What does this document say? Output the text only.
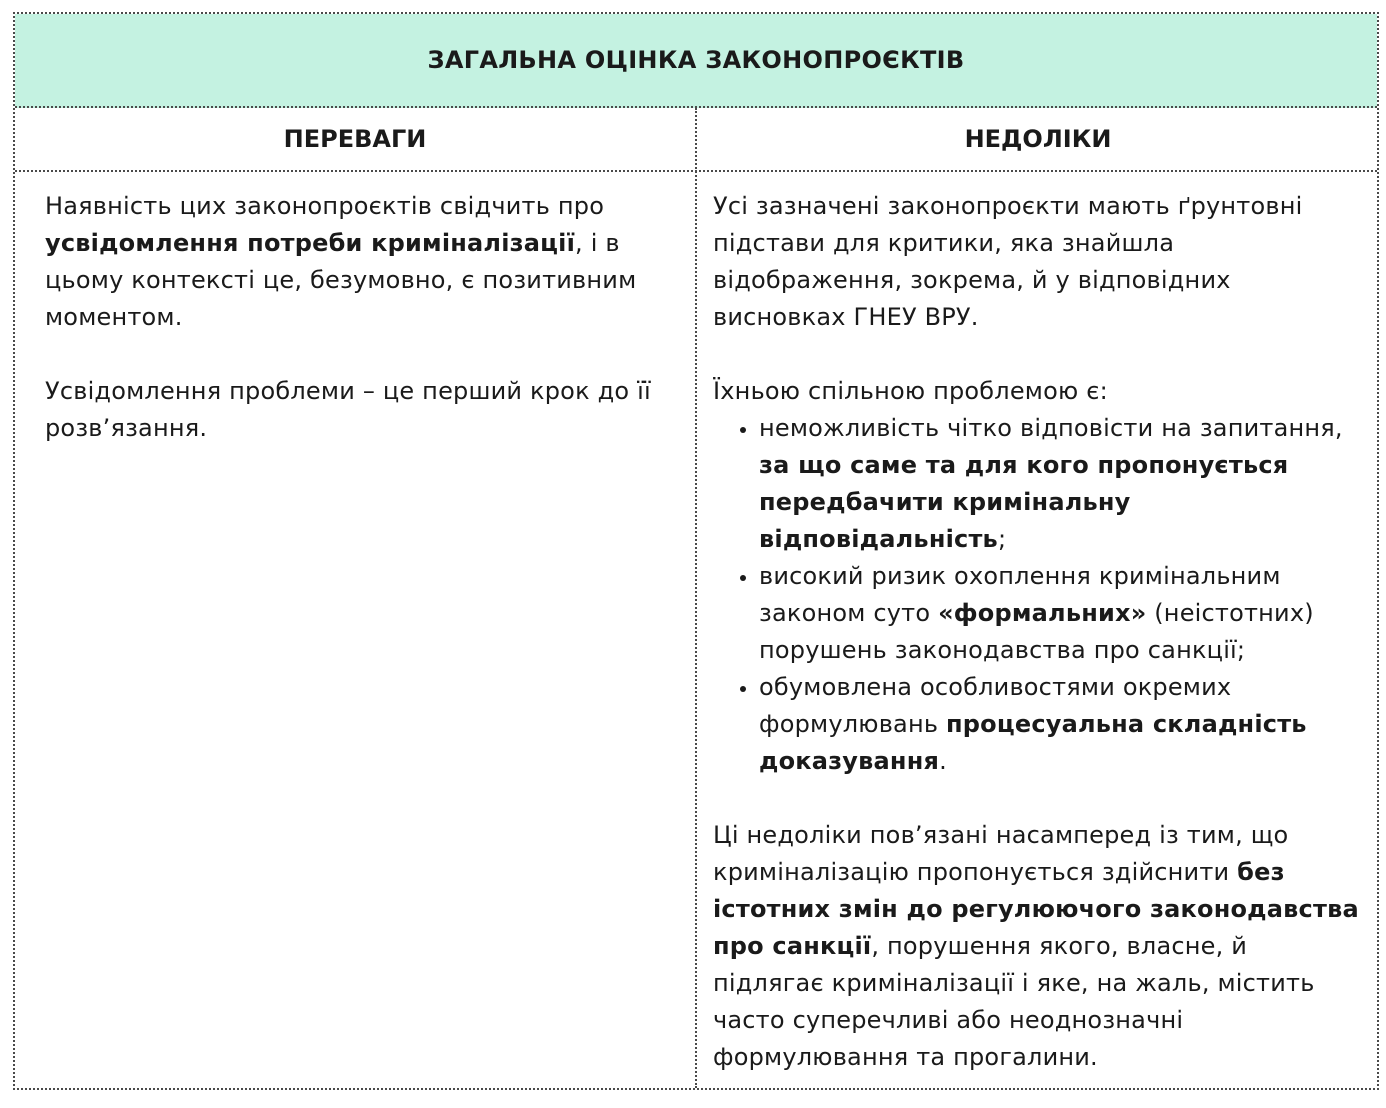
ЗАГАЛЬНА ОЦІНКА ЗАКОНОПРОЄКТІВ
ПЕРЕВАГИ	НЕДОЛІКИ

Наявність цих законопроєктів свідчить про усвідомлення потреби криміналізації, і в цьому контексті це, безумовно, є позитивним моментом.

Усвідомлення проблеми – це перший крок до її розв’язання.

Усі зазначені законопроєкти мають ґрунтовні підстави для критики, яка знайшла відображення, зокрема, й у відповідних висновках ГНЕУ ВРУ.

Їхньою спільною проблемою є:

• неможливість чітко відповісти на запитання, за що саме та для кого пропонується передбачити кримінальну відповідальність;
• високий ризик охоплення кримінальним законом суто «формальних» (неістотних) порушень законодавства про санкції;
• обумовлена особливостями окремих формулювань процесуальна складність доказування.

Ці недоліки пов’язані насамперед із тим, що криміналізацію пропонується здійснити без істотних змін до регулюючого законодавства про санкції, порушення якого, власне, й підлягає криміналізації і яке, на жаль, містить часто суперечливі або неоднозначні формулювання та прогалини.
